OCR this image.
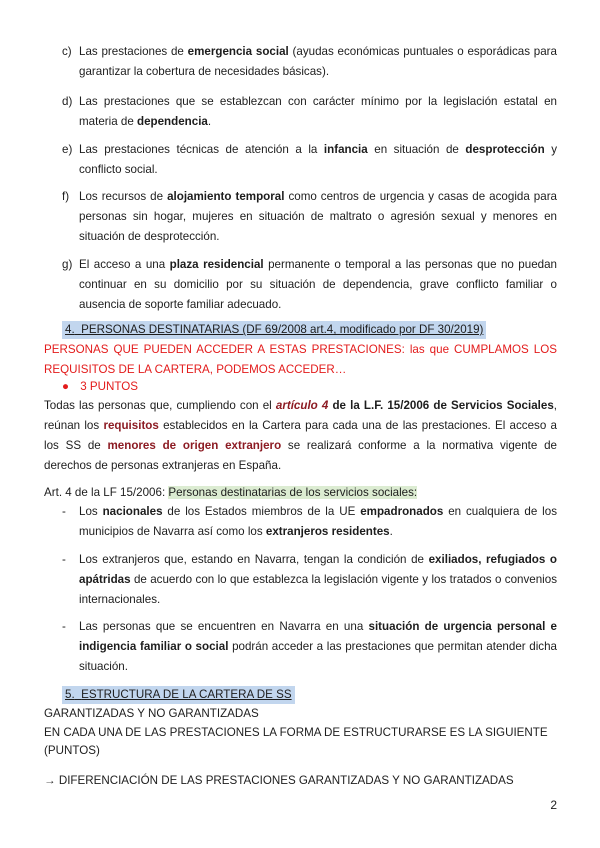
c) Las prestaciones de emergencia social (ayudas económicas puntuales o esporádicas para garantizar la cobertura de necesidades básicas).
d) Las prestaciones que se establezcan con carácter mínimo por la legislación estatal en materia de dependencia.
e) Las prestaciones técnicas de atención a la infancia en situación de desprotección y conflicto social.
f) Los recursos de alojamiento temporal como centros de urgencia y casas de acogida para personas sin hogar, mujeres en situación de maltrato o agresión sexual y menores en situación de desprotección.
g) El acceso a una plaza residencial permanente o temporal a las personas que no puedan continuar en su domicilio por su situación de dependencia, grave conflicto familiar o ausencia de soporte familiar adecuado.
4. PERSONAS DESTINATARIAS (DF 69/2008 art.4, modificado por DF 30/2019)
PERSONAS QUE PUEDEN ACCEDER A ESTAS PRESTACIONES: las que CUMPLAMOS LOS REQUISITOS DE LA CARTERA, PODEMOS ACCEDER…
● 3 PUNTOS
Todas las personas que, cumpliendo con el artículo 4 de la L.F. 15/2006 de Servicios Sociales, reúnan los requisitos establecidos en la Cartera para cada una de las prestaciones. El acceso a los SS de menores de origen extranjero se realizará conforme a la normativa vigente de derechos de personas extranjeras en España.
Art. 4 de la LF 15/2006: Personas destinatarias de los servicios sociales:
- Los nacionales de los Estados miembros de la UE empadronados en cualquiera de los municipios de Navarra así como los extranjeros residentes.
- Los extranjeros que, estando en Navarra, tengan la condición de exiliados, refugiados o apátridas de acuerdo con lo que establezca la legislación vigente y los tratados o convenios internacionales.
- Las personas que se encuentren en Navarra en una situación de urgencia personal e indigencia familiar o social podrán acceder a las prestaciones que permitan atender dicha situación.
5. ESTRUCTURA DE LA CARTERA DE SS
GARANTIZADAS Y NO GARANTIZADAS
EN CADA UNA DE LAS PRESTACIONES LA FORMA DE ESTRUCTURARSE ES LA SIGUIENTE
(PUNTOS)
→ DIFERENCIACIÓN DE LAS PRESTACIONES GARANTIZADAS Y NO GARANTIZADAS
2
